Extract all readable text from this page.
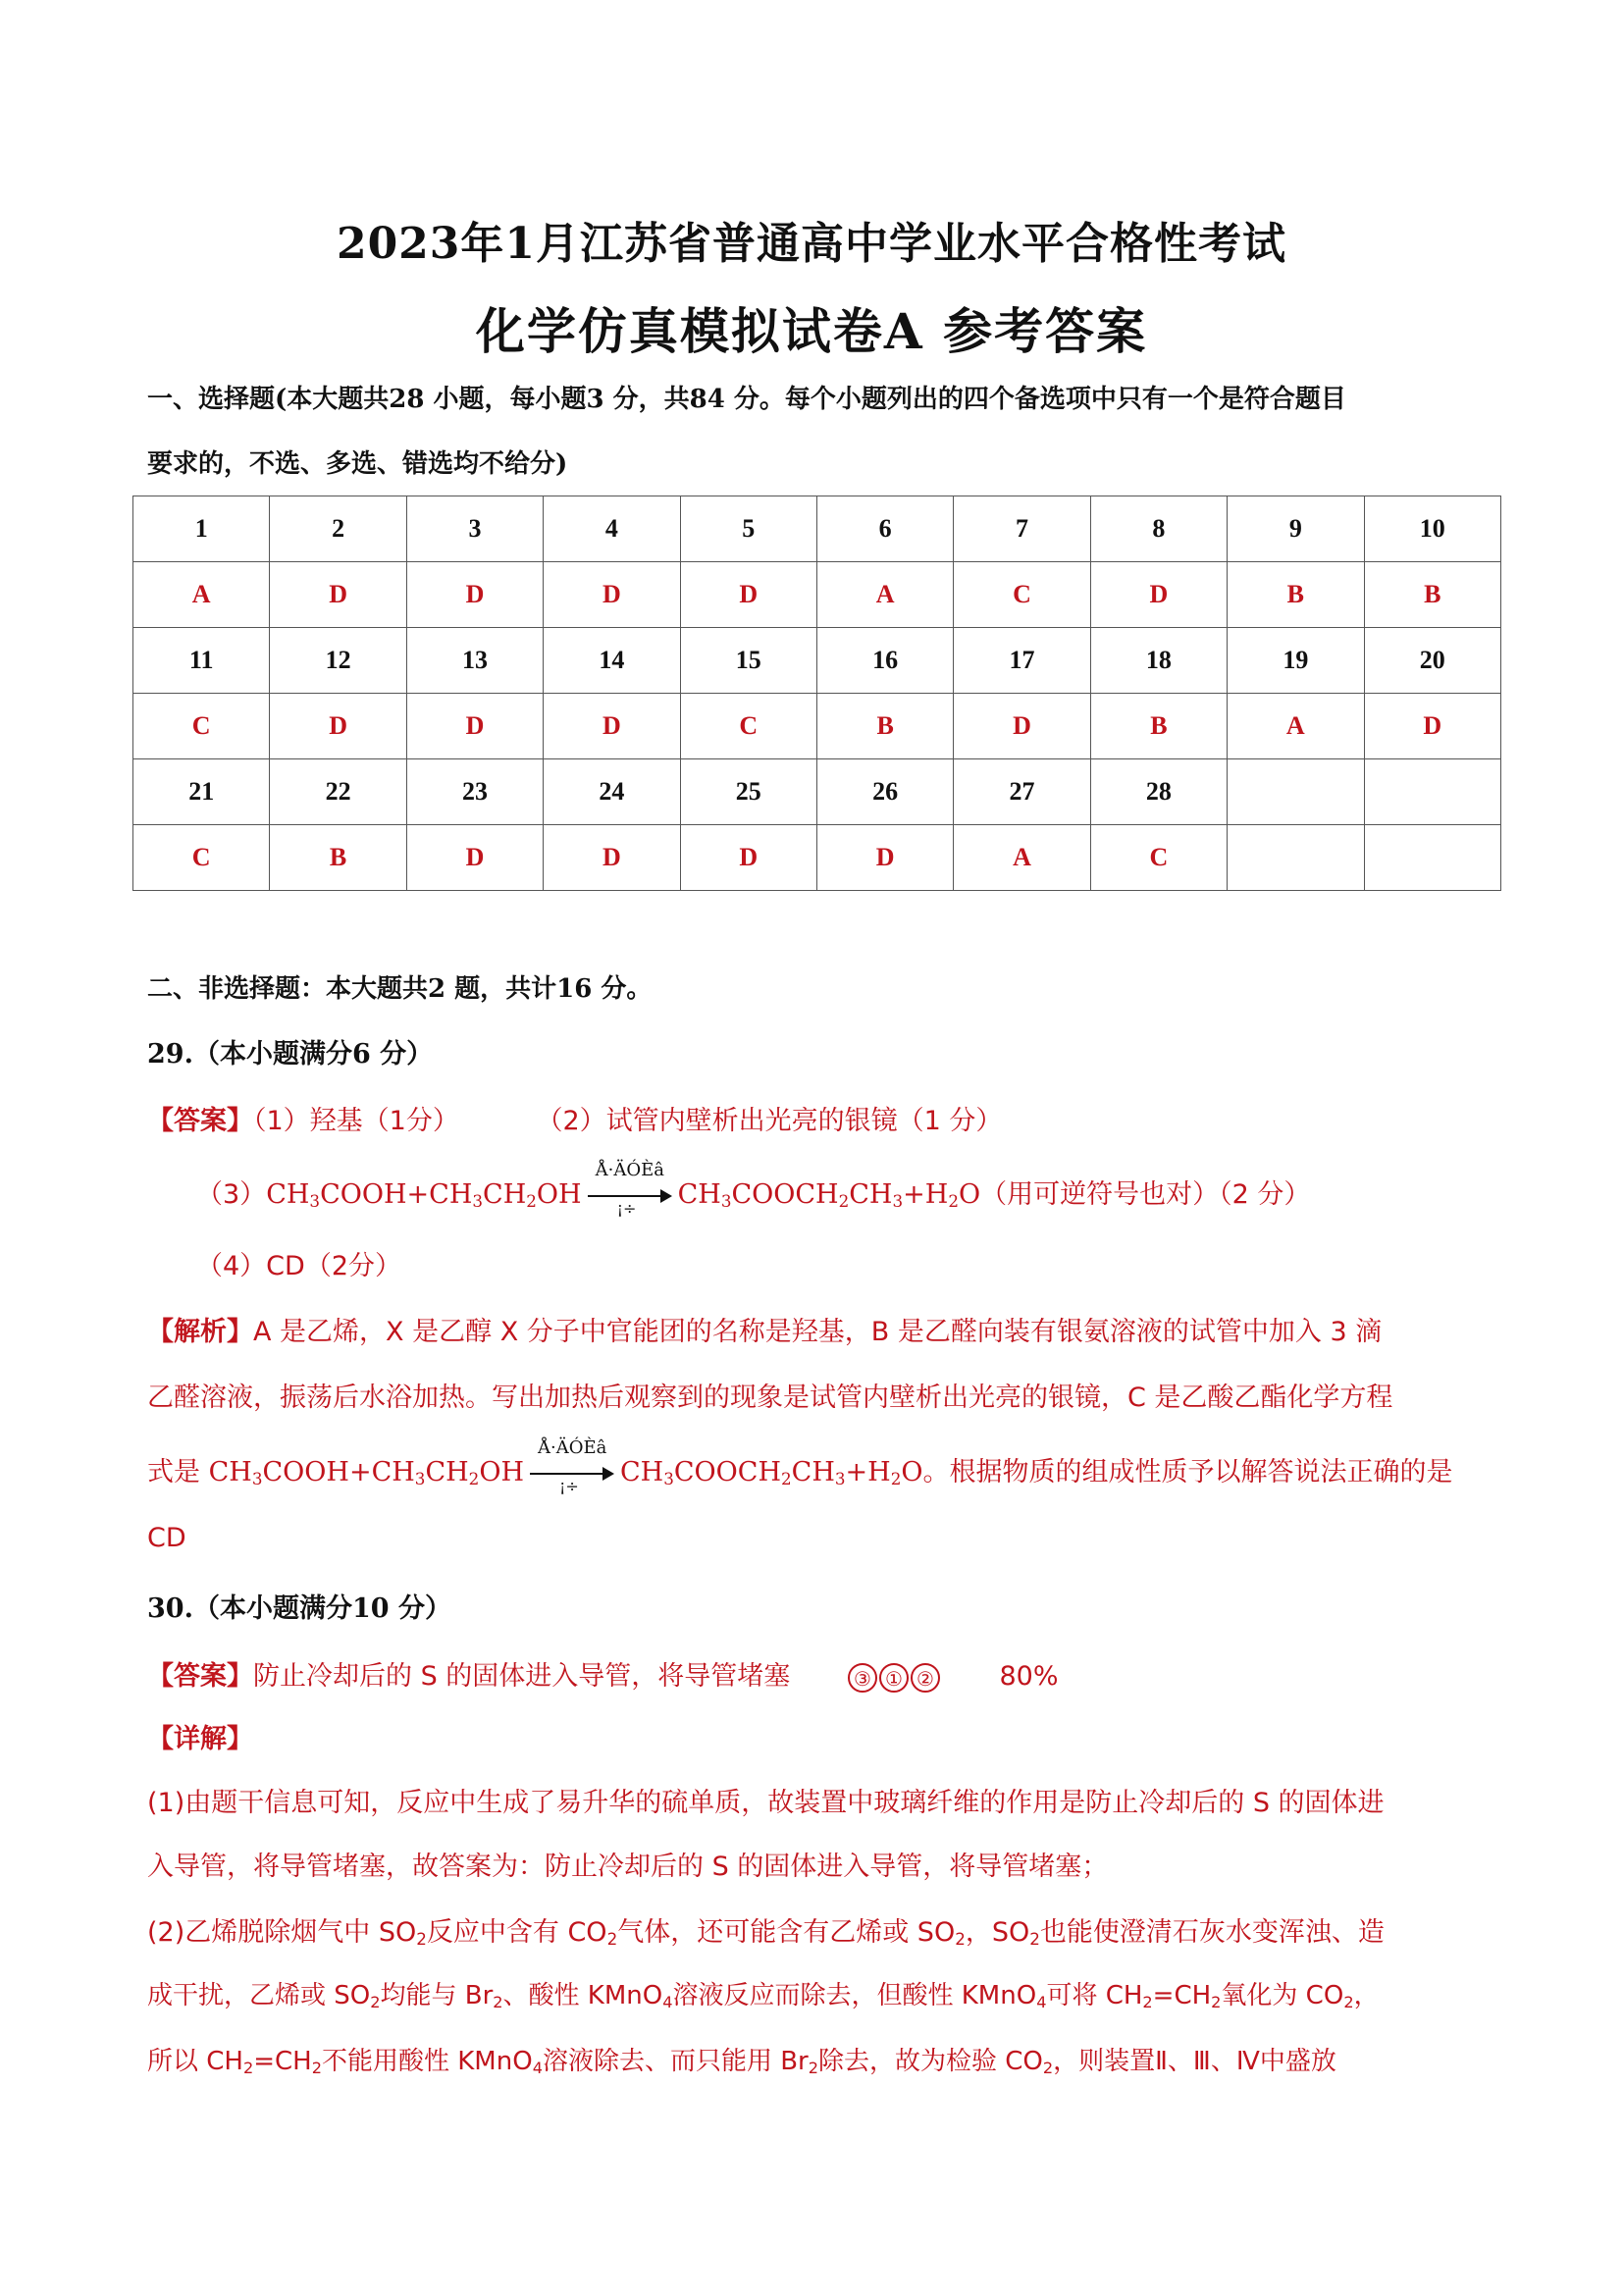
2023年1月江苏省普通高中学业水平合格性考试
化学仿真模拟试卷A 参考答案
一、选择题(本大题共28 小题，每小题3 分，共84 分。每个小题列出的四个备选项中只有一个是符合题目
要求的，不选、多选、错选均不给分)
1	2	3	4	5	6	7	8	9	10
A	D	D	D	D	A	C	D	B	B
11	12	13	14	15	16	17	18	19	20
C	D	D	D	C	B	D	B	A	D
21	22	23	24	25	26	27	28		
C	B	D	D	D	D	A	C		
二、非选择题：本大题共2 题，共计16 分。
29.（本小题满分6 分）
【答案】（1）羟基（1分）	（2）试管内壁析出光亮的银镜（1 分）
$(3)CH_3COOH+CH_3CH_2OH$
Å·ÄÓÈâ
¡÷ $CH_3COOCH_2CH_3+H_2O$（用可逆符号也对）（2 分）
（4）CD（2分）
【解析】A 是乙烯，X 是乙醇 X 分子中官能团的名称是羟基，B 是乙醛向装有银氨溶液的试管中加入 3 滴
乙醛溶液，振荡后水浴加热。写出加热后观察到的现象是试管内壁析出光亮的银镜，C 是乙酸乙酯化学方程
式是 $CH_3COOH+CH_3CH_2OH$
Å·ÄÓÈâ
¡÷ $CH_3COOCH_2CH_3+H_2O$。根据物质的组成性质予以解答说法正确的是
CD
30.（本小题满分10 分）
【答案】防止冷却后的 S 的固体进入导管，将导管堵塞	③ ① ② 80%
【详解】
(1)由题干信息可知，反应中生成了易升华的硫单质，故装置中玻璃纤维的作用是防止冷却后的 S 的固体进
入导管，将导管堵塞，故答案为：防止冷却后的 S 的固体进入导管，将导管堵塞；
(2)乙烯脱除烟气中 $SO_2$反应中含有 $CO_2$气体，还可能含有乙烯或 $SO_2$，$SO_2$也能使澄清石灰水变浑浊、造
成干扰，乙烯或 $SO_2$均能与 $Br_2$、酸性 KMnO$_4$溶液反应而除去，但酸性 KMnO$_4$可将 $CH_2=CH_2$氧化为 $CO_2$，
所以 $CH_2=CH_2$不能用酸性 KMnO$_4$溶液除去、而只能用 $Br_2$除去，故为检验 $CO_2$，则装置Ⅱ、Ⅲ、Ⅳ中盛放
